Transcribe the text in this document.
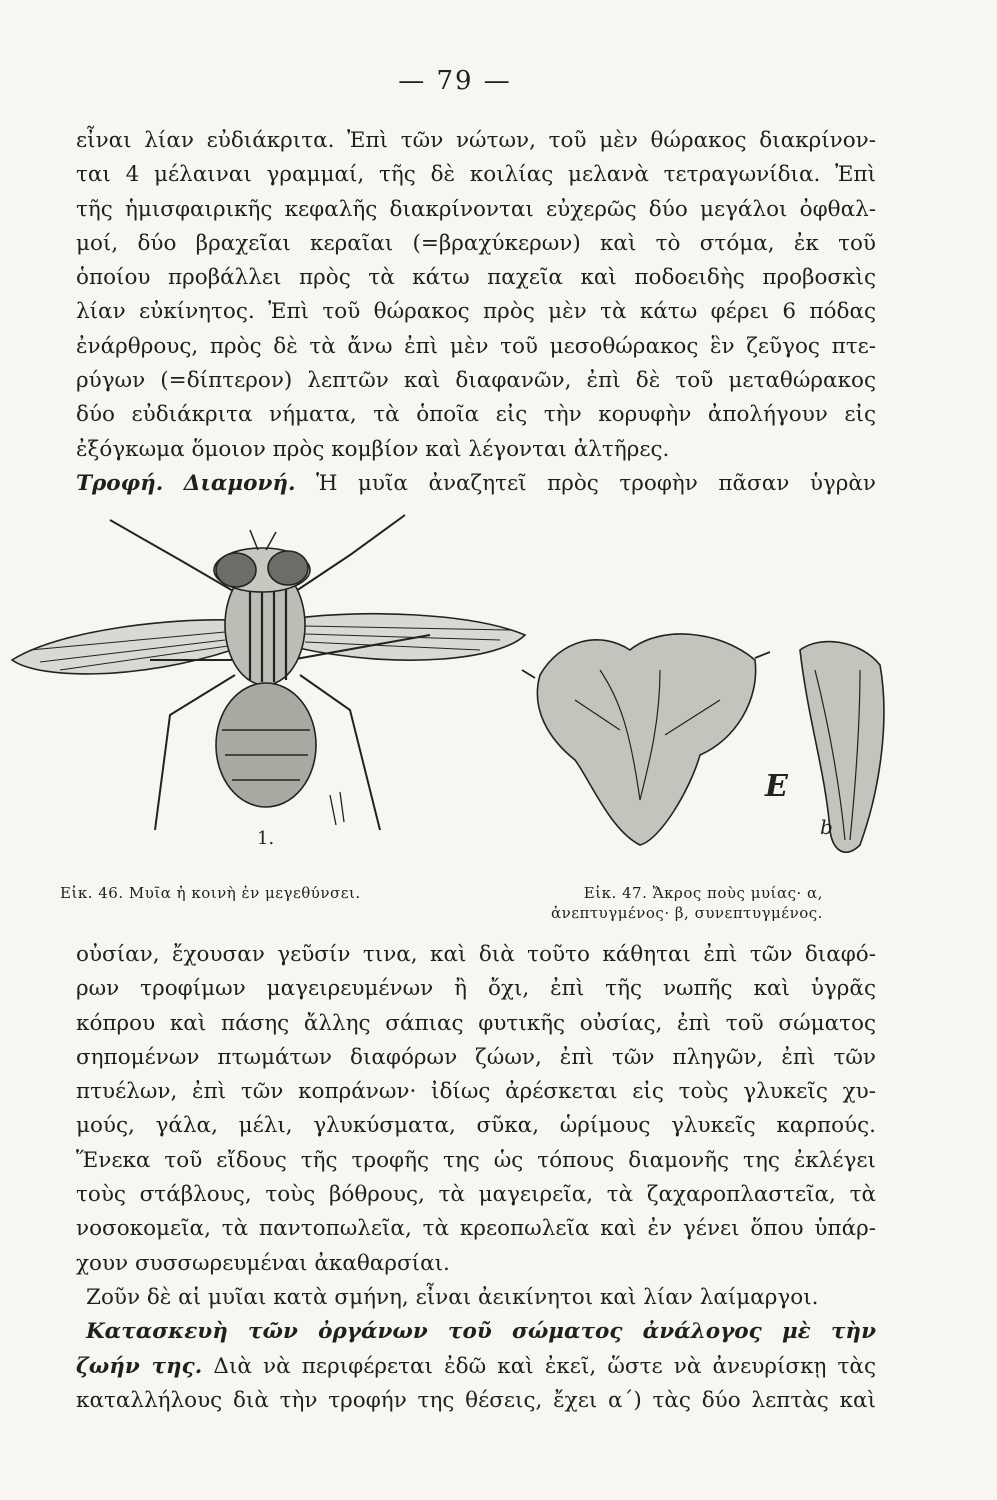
— 79 —
εἶναι λίαν εὐδιάκριτα. Ἐπὶ τῶν νώτων, τοῦ μὲν θώρακος διακρίνον-
ται 4 μέλαιναι γραμμαί, τῆς δὲ κοιλίας μελανὰ τετραγωνίδια. Ἐπὶ
τῆς ἡμισφαιρικῆς κεφαλῆς διακρίνονται εὐχερῶς δύο μεγάλοι ὀφθαλ-
μοί, δύο βραχεῖαι κεραῖαι (=βραχύκερων) καὶ τὸ στόμα, ἐκ τοῦ
ὁποίου προβάλλει πρὸς τὰ κάτω παχεῖα καὶ ποδοειδὴς προβοσκὶς
λίαν εὐκίνητος. Ἐπὶ τοῦ θώρακος πρὸς μὲν τὰ κάτω φέρει 6 πόδας
ἐνάρθρους, πρὸς δὲ τὰ ἄνω ἐπὶ μὲν τοῦ μεσοθώρακος ἓν ζεῦγος πτε-
ρύγων (=δίπτερον) λεπτῶν καὶ διαφανῶν, ἐπὶ δὲ τοῦ μεταθώρακος
δύο εὐδιάκριτα νήματα, τὰ ὁποῖα εἰς τὴν κορυφὴν ἀπολήγουν εἰς
ἐξόγκωμα ὅμοιον πρὸς κομβίον καὶ λέγονται ἀλτῆρες.
Τροφή. Διαμονή. Ἡ μυῖα ἀναζητεῖ πρὸς τροφὴν πᾶσαν ὑγρὰν
1.
E
b
Εἰκ. 46. Μυῖα ἡ κοινὴ ἐν μεγεθύνσει.	Εἰκ. 47. Ἄκρος ποὺς μυίας· α,
ἀνεπτυγμένος· β, συνεπτυγμένος.
οὐσίαν, ἔχουσαν γεῦσίν τινα, καὶ διὰ τοῦτο κάθηται ἐπὶ τῶν διαφό-
ρων τροφίμων μαγειρευμένων ἢ ὄχι, ἐπὶ τῆς νωπῆς καὶ ὑγρᾶς
κόπρου καὶ πάσης ἄλλης σάπιας φυτικῆς οὐσίας, ἐπὶ τοῦ σώματος
σηπομένων πτωμάτων διαφόρων ζώων, ἐπὶ τῶν πληγῶν, ἐπὶ τῶν
πτυέλων, ἐπὶ τῶν κοπράνων· ἰδίως ἀρέσκεται εἰς τοὺς γλυκεῖς χυ-
μούς, γάλα, μέλι, γλυκύσματα, σῦκα, ὡρίμους γλυκεῖς καρπούς.
Ἕνεκα τοῦ εἴδους τῆς τροφῆς της ὡς τόπους διαμονῆς της ἐκλέγει
τοὺς στάβλους, τοὺς βόθρους, τὰ μαγειρεῖα, τὰ ζαχαροπλαστεῖα, τὰ
νοσοκομεῖα, τὰ παντοπωλεῖα, τὰ κρεοπωλεῖα καὶ ἐν γένει ὅπου ὑπάρ-
χουν συσσωρευμέναι ἀκαθαρσίαι.
Ζοῦν δὲ αἱ μυῖαι κατὰ σμήνη, εἶναι ἀεικίνητοι καὶ λίαν λαίμαργοι.
Κατασκευὴ τῶν ὀργάνων τοῦ σώματος ἀνάλογος μὲ τὴν
ζωήν της. Διὰ νὰ περιφέρεται ἐδῶ καὶ ἐκεῖ, ὥστε νὰ ἀνευρίσκῃ τὰς
καταλλήλους διὰ τὴν τροφήν της θέσεις, ἔχει α΄) τὰς δύο λεπτὰς καὶ
